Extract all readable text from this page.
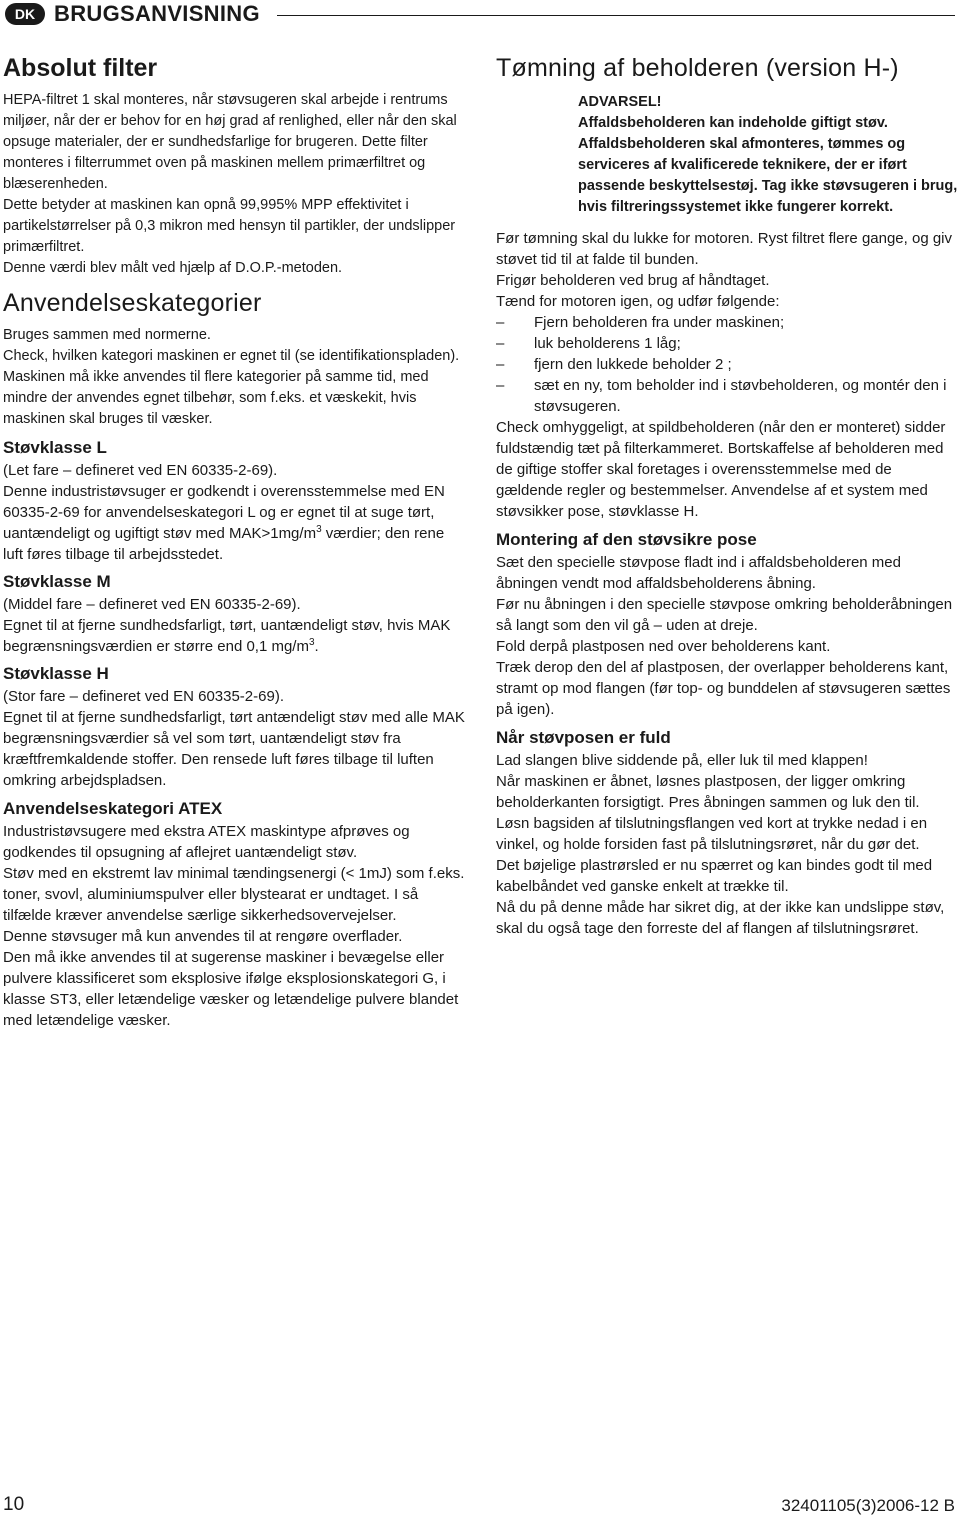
DK BRUGSANVISNING
Absolut filter

HEPA-filtret 1 skal monteres, når støvsugeren skal arbejde i rentrums miljøer, når der er behov for en høj grad af renlighed, eller når den skal opsuge materialer, der er sundhedsfarlige for brugeren. Dette filter monteres i filterrummet oven på maskinen mellem primærfiltret og blæserenheden.

Dette betyder at maskinen kan opnå 99,995% MPP effektivitet i partikelstørrelser på 0,3 mikron med hensyn til partikler, der undslipper primærfiltret.

Denne værdi blev målt ved hjælp af D.O.P.-metoden.

Anvendelseskategorier

Bruges sammen med normerne.

Check, hvilken kategori maskinen er egnet til (se identifikationspladen).

Maskinen må ikke anvendes til flere kategorier på samme tid, med mindre der anvendes egnet tilbehør, som f.eks. et væskekit, hvis maskinen skal bruges til væsker.

Støvklasse L

(Let fare – defineret ved EN 60335-2-69).

Denne industristøvsuger er godkendt i overensstemmelse med EN 60335-2-69 for anvendelseskategori L og er egnet til at suge tørt, uantændeligt og ugiftigt støv med $MAK>1mg/m^3$ værdier; den rene luft føres tilbage til arbejdsstedet.

Støvklasse M

(Middel fare – defineret ved EN 60335-2-69).

Egnet til at fjerne sundhedsfarligt, tørt, uantændeligt støv, hvis MAK begrænsningsværdien er større end 0,1 $mg/m^3$.

Støvklasse H

(Stor fare – defineret ved EN 60335-2-69).

Egnet til at fjerne sundhedsfarligt, tørt antændeligt støv med alle MAK begrænsningsværdier så vel som tørt, uantændeligt støv fra kræftfremkaldende stoffer. Den rensede luft føres tilbage til luften omkring arbejdspladsen.

Anvendelseskategori ATEX

Industristøvsugere med ekstra ATEX maskintype afprøves og godkendes til opsugning af aflejret uantændeligt støv.

Støv med en ekstremt lav minimal tændingsenergi (< 1mJ) som f.eks. toner, svovl, aluminiumspulver eller blystearat er undtaget. I så tilfælde kræver anvendelse særlige sikkerhedsovervejelser.

Denne støvsuger må kun anvendes til at rengøre overflader.

Den må ikke anvendes til at sugerense maskiner i bevægelse eller pulvere klassificeret som eksplosive ifølge eksplosionskategori G, i klasse ST3, eller letændelige væsker og letændelige pulvere blandet med letændelige væsker.

Tømning af beholderen (version H-)
ADVARSEL!
Affaldsbeholderen kan indeholde giftigt støv. Affaldsbeholderen skal afmonteres, tømmes og serviceres af kvalificerede teknikere, der er iført passende beskyttelsestøj. Tag ikke støvsugeren i brug, hvis filtreringssystemet ikke fungerer korrekt.

Før tømning skal du lukke for motoren. Ryst filtret flere gange, og giv støvet tid til at falde til bunden.

Frigør beholderen ved brug af håndtaget.

Tænd for motoren igen, og udfør følgende:

–	Fjern beholderen fra under maskinen;
–	luk beholderens 1 låg;
–	fjern den lukkede beholder 2 ;
–	sæt en ny, tom beholder ind i støvbeholderen, og montér den i støvsugeren.

Check omhyggeligt, at spildbeholderen (når den er monteret) sidder fuldstændig tæt på filterkammeret. Bortskaffelse af beholderen med de giftige stoffer skal foretages i overensstemmelse med de gældende regler og bestemmelser. Anvendelse af et system med støvsikker pose, støvklasse H.

Montering af den støvsikre pose

Sæt den specielle støvpose fladt ind i affaldsbeholderen med åbningen vendt mod affaldsbeholderens åbning.

Før nu åbningen i den specielle støvpose omkring beholderåbningen så langt som den vil gå – uden at dreje.

Fold derpå plastposen ned over beholderens kant.

Træk derop den del af plastposen, der overlapper beholderens kant, stramt op mod flangen (før top- og bunddelen af støvsugeren sættes på igen).

Når støvposen er fuld

Lad slangen blive siddende på, eller luk til med klappen!

Når maskinen er åbnet, løsnes plastposen, der ligger omkring beholderkanten forsigtigt. Pres åbningen sammen og luk den til.

Løsn bagsiden af tilslutningsflangen ved kort at trykke nedad i en vinkel, og holde forsiden fast på tilslutningsrøret, når du gør det.

Det bøjelige plastrørsled er nu spærret og kan bindes godt til med kabelbåndet ved ganske enkelt at trække til.

Nå du på denne måde har sikret dig, at der ikke kan undslippe støv, skal du også tage den forreste del af flangen af tilslutningsrøret.

10	32401105(3)2006-12 B
